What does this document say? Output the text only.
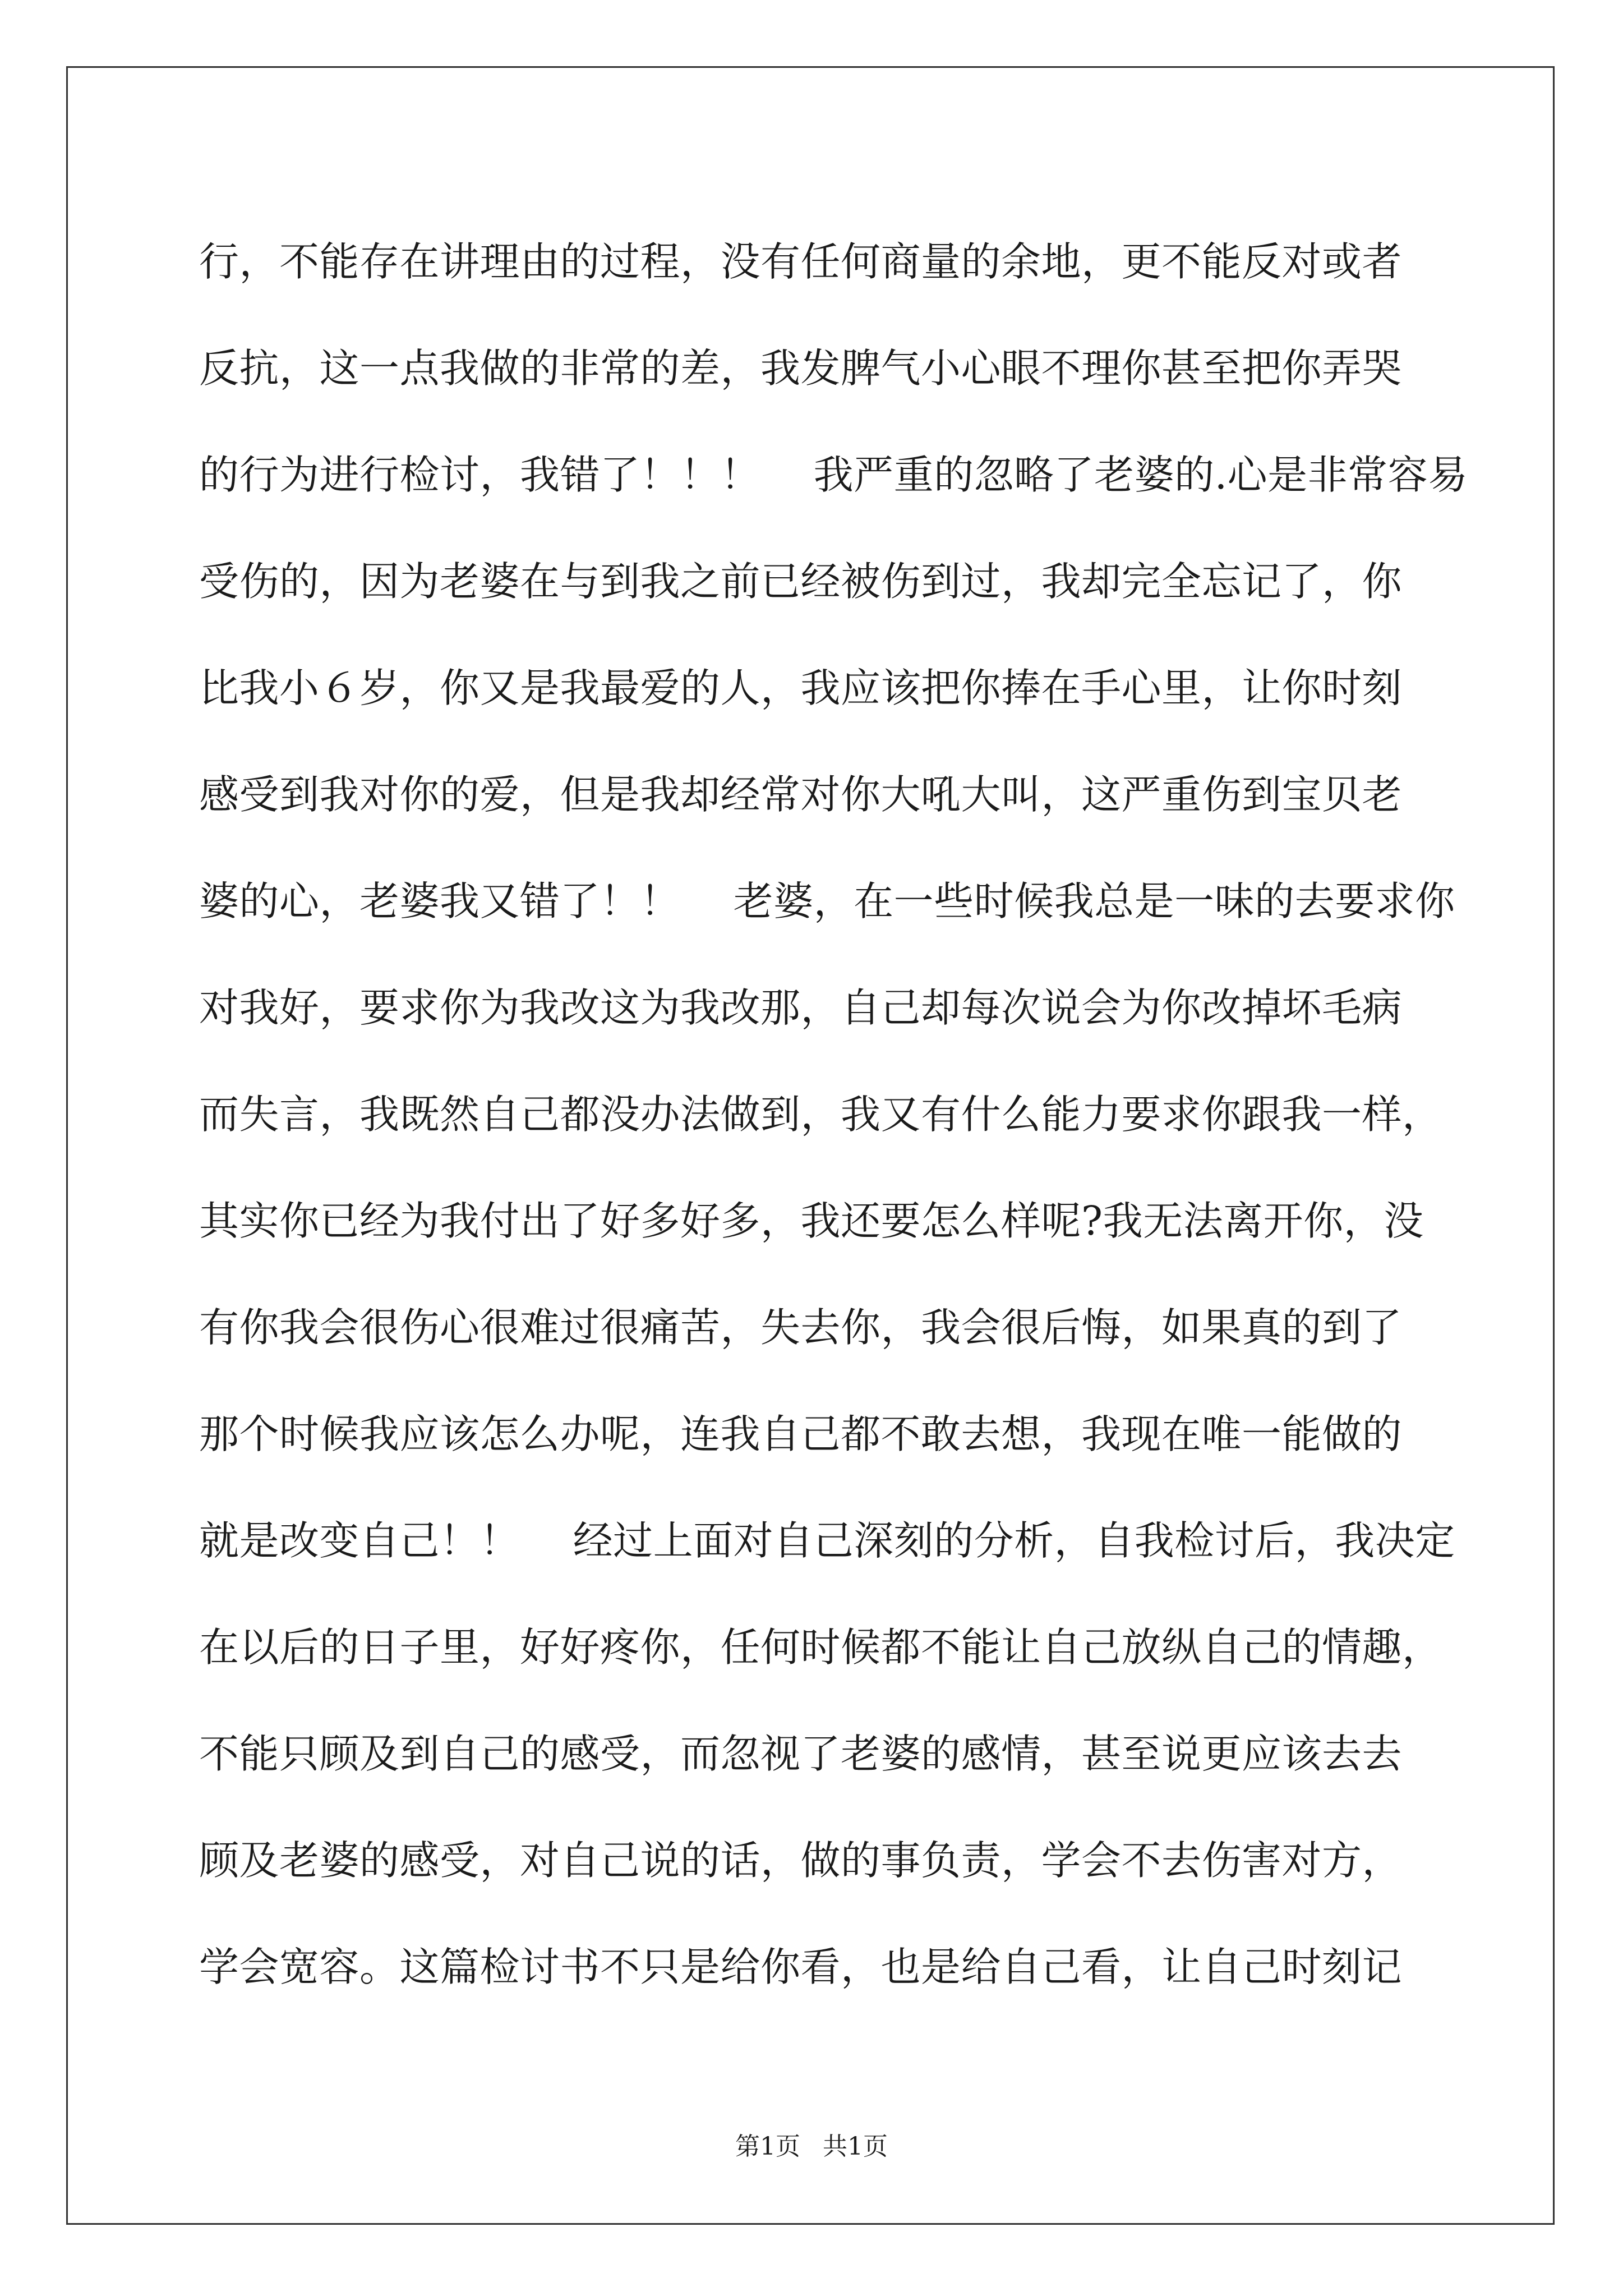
行，不能存在讲理由的过程，没有任何商量的余地，更不能反对或者
反抗，这一点我做的非常的差，我发脾气小心眼不理你甚至把你弄哭
的行为进行检讨，我错了！！！　 我严重的忽略了老婆的.心是非常容易
受伤的，因为老婆在与到我之前已经被伤到过，我却完全忘记了，你
比我小６岁，你又是我最爱的人，我应该把你捧在手心里，让你时刻
感受到我对你的爱，但是我却经常对你大吼大叫，这严重伤到宝贝老
婆的心，老婆我又错了！！　 老婆，在一些时候我总是一味的去要求你
对我好，要求你为我改这为我改那，自己却每次说会为你改掉坏毛病
而失言，我既然自己都没办法做到，我又有什么能力要求你跟我一样，
其实你已经为我付出了好多好多，我还要怎么样呢?我无法离开你，没
有你我会很伤心很难过很痛苦，失去你，我会很后悔，如果真的到了
那个时候我应该怎么办呢，连我自己都不敢去想，我现在唯一能做的
就是改变自己！！　 经过上面对自己深刻的分析，自我检讨后，我决定
在以后的日子里，好好疼你，任何时候都不能让自己放纵自己的情趣，
不能只顾及到自己的感受，而忽视了老婆的感情，甚至说更应该去去
顾及老婆的感受，对自己说的话，做的事负责，学会不去伤害对方，
学会宽容。这篇检讨书不只是给你看，也是给自己看，让自己时刻记
第1页 共1页
